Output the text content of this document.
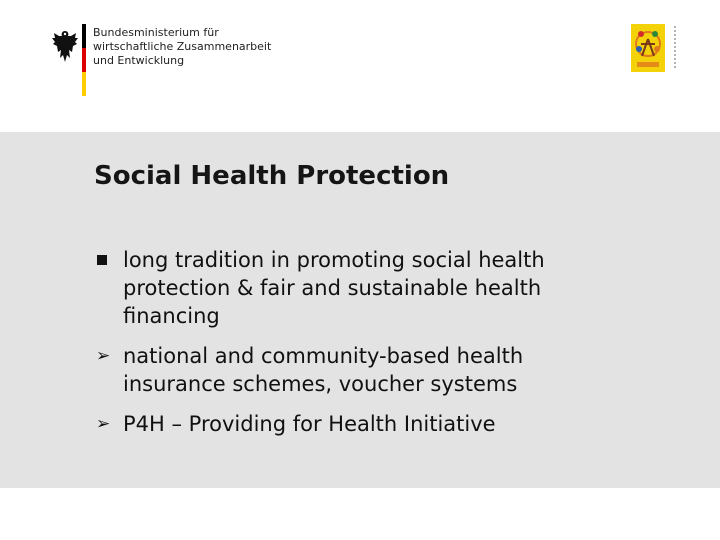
Bundesministerium für
wirtschaftliche Zusammenarbeit
und Entwicklung
Social Health Protection
long tradition in promoting social health
protection & fair and sustainable health
financing
➢ national and community-based health
insurance schemes, voucher systems
➢ P4H – Providing for Health Initiative
